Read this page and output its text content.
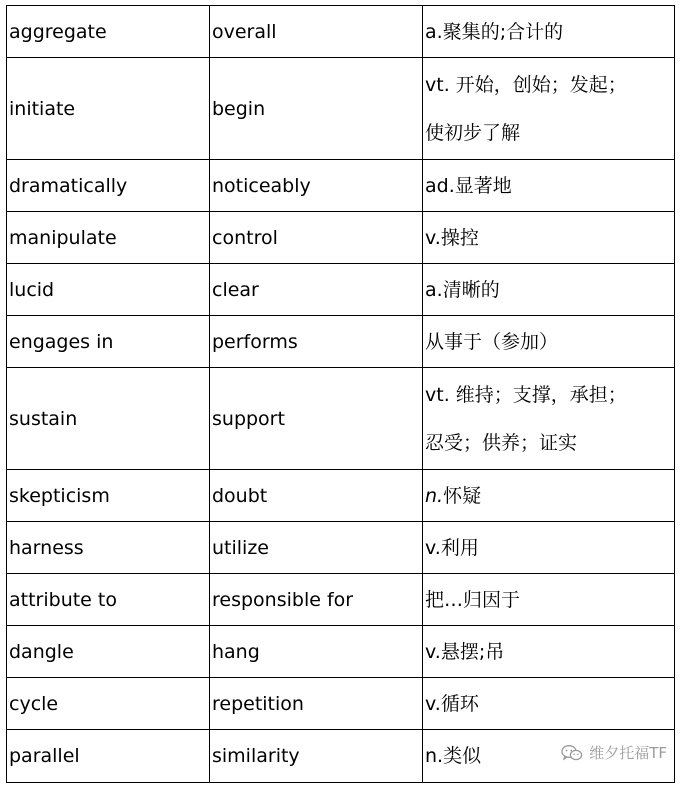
aggregate	overall	a.聚集的;合计的
initiate	begin	vt. 开始，创始；发起；
使初步了解

dramatically	noticeably	ad.显著地
manipulate	control	v.操控
lucid	clear	a.清晰的
engages in	performs	从事于（参加）
sustain	support	vt. 维持；支撑，承担；
忍受；供养；证实

skepticism	doubt	n.怀疑
harness	utilize	v.利用
attribute to	responsible for	把…归因于
dangle	hang	v.悬摆;吊
cycle	repetition	v.循环
parallel	similarity	n.类似	维夕托福TF
